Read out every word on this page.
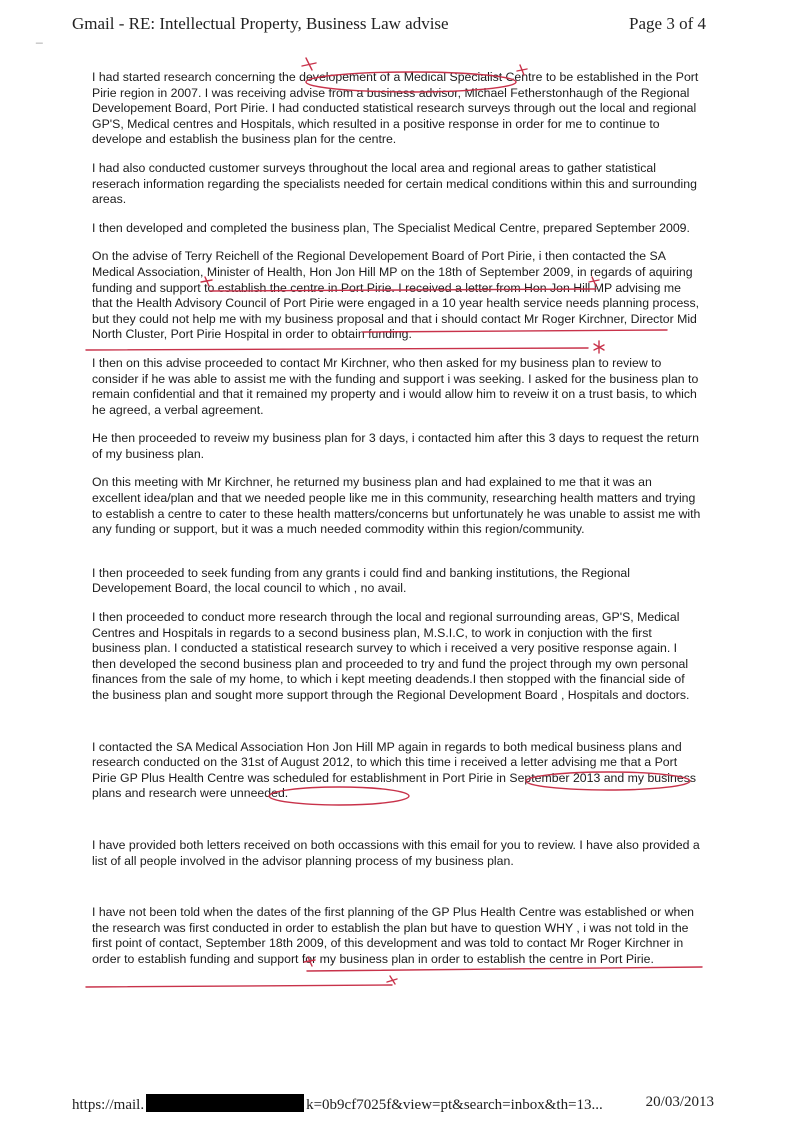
Gmail - RE: Intellectual Property, Business Law advise	Page 3 of 4
_

I had started research concerning the developement of a Medical Specialist Centre to be established in the Port Pirie region in 2007. I was receiving advise from a business advisor, Michael Fetherstonhaugh of the Regional Developement Board, Port Pirie. I had conducted statistical research surveys through out the local and regional GP'S, Medical centres and Hospitals, which resulted in a positive response in order for me to continue to develope and establish the business plan for the centre.

I had also conducted customer surveys throughout the local area and regional areas to gather statistical reserach information regarding the specialists needed for certain medical conditions within this and surrounding areas.

I then developed and completed the business plan, The Specialist Medical Centre, prepared September 2009.

On the advise of Terry Reichell of the Regional Developement Board of Port Pirie, i then contacted the SA Medical Association, Minister of Health, Hon Jon Hill MP on the 18th of September 2009, in regards of aquiring funding and support to establish the centre in Port Pirie. I received a letter from Hon Jon Hill MP advising me that the Health Advisory Council of Port Pirie were engaged in a 10 year health service needs planning process, but they could not help me with my business proposal and that i should contact Mr Roger Kirchner, Director Mid North Cluster, Port Pirie Hospital in order to obtain funding.

I then on this advise proceeded to contact Mr Kirchner, who then asked for my business plan to review to consider if he was able to assist me with the funding and support i was seeking. I asked for the business plan to remain confidential and that it remained my property and i would allow him to reveiw it on a trust basis, to which he agreed, a verbal agreement.

He then proceeded to reveiw my business plan for 3 days, i contacted him after this 3 days to request the return of my business plan.

On this meeting with Mr Kirchner, he returned my business plan and had explained to me that it was an excellent idea/plan and that we needed people like me in this community, researching health matters and trying to establish a centre to cater to these health matters/concerns but unfortunately he was unable to assist me with any funding or support, but it was a much needed commodity within this region/community.

I then proceeded to seek funding from any grants i could find and banking institutions, the Regional Developement Board, the local council to which , no avail.

I then proceeded to conduct more research through the local and regional surrounding areas, GP'S, Medical Centres and Hospitals in regards to a second business plan, M.S.I.C, to work in conjuction with the first business plan. I conducted a statistical research survey to which i received a very positive response again. I then developed the second business plan and proceeded to try and fund the project through my own personal finances from the sale of my home, to which i kept meeting deadends.I then stopped with the financial side of the business plan and sought more support through the Regional Development Board , Hospitals and doctors.

I contacted the SA Medical Association Hon Jon Hill MP again in regards to both medical business plans and research conducted on the 31st of August 2012, to which this time i received a letter advising me that a Port Pirie GP Plus Health Centre was scheduled for establishment in Port Pirie in September 2013 and my business plans and research were unneeded.

I have provided both letters received on both occassions with this email for you to review. I have also provided a list of all people involved in the advisor planning process of my business plan.

I have not been told when the dates of the first planning of the GP Plus Health Centre was established or when the research was first conducted in order to establish the plan but have to question WHY , i was not told in the first point of contact, September 18th 2009, of this development and was told to contact Mr Roger Kirchner in order to establish funding and support for my business plan in order to establish the centre in Port Pirie.

https://mail.	k=0b9cf7025f&view=pt&search=inbox&th=13...	20/03/2013
